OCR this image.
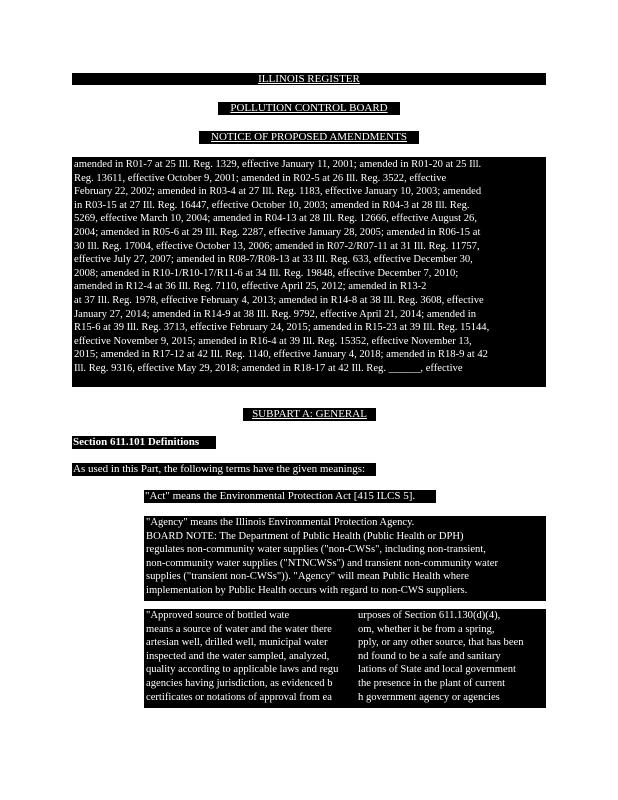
ILLINOIS REGISTER
POLLUTION CONTROL BOARD
NOTICE OF PROPOSED AMENDMENTS
amended in R01-7 at 25 Ill. Reg. 1329, effective January 11, 2001; amended in R01-20 at 25 Ill.
Reg. 13611, effective October 9, 2001; amended in R02-5 at 26 Ill. Reg. 3522, effective
February 22, 2002; amended in R03-4 at 27 Ill. Reg. 1183, effective January 10, 2003; amended
in R03-15 at 27 Ill. Reg. 16447, effective October 10, 2003; amended in R04-3 at 28 Ill. Reg.
5269, effective March 10, 2004; amended in R04-13 at 28 Ill. Reg. 12666, effective August 26,
2004; amended in R05-6 at 29 Ill. Reg. 2287, effective January 28, 2005; amended in R06-15 at
30 Ill. Reg. 17004, effective October 13, 2006; amended in R07-2/R07-11 at 31 Ill. Reg. 11757,
effective July 27, 2007; amended in R08-7/R08-13 at 33 Ill. Reg. 633, effective December 30,
2008; amended in R10-1/R10-17/R11-6 at 34 Ill. Reg. 19848, effective December 7, 2010;
amended in R12-4 at 36 Ill. Reg. 7110, effective April 25, 2012; amended in R13-2
at 37 Ill. Reg. 1978, effective February 4, 2013; amended in R14-8 at 38 Ill. Reg. 3608, effective
January 27, 2014; amended in R14-9 at 38 Ill. Reg. 9792, effective April 21, 2014; amended in
R15-6 at 39 Ill. Reg. 3713, effective February 24, 2015; amended in R15-23 at 39 Ill. Reg. 15144,
effective November 9, 2015; amended in R16-4 at 39 Ill. Reg. 15352, effective November 13,
2015; amended in R17-12 at 42 Ill. Reg. 1140, effective January 4, 2018; amended in R18-9 at 42
Ill. Reg. 9316, effective May 29, 2018; amended in R18-17 at 42 Ill. Reg. ______, effective
SUBPART A: GENERAL
Section 611.101 Definitions
As used in this Part, the following terms have the given meanings:
"Act" means the Environmental Protection Act [415 ILCS 5].
"Agency" means the Illinois Environmental Protection Agency.
BOARD NOTE: The Department of Public Health (Public Health or DPH)
regulates non-community water supplies ("non-CWSs", including non-transient,
non-community water supplies ("NTNCWSs") and transient non-community water
supplies ("transient non-CWSs")). "Agency" will mean Public Health where
implementation by Public Health occurs with regard to non-CWS suppliers.
"Approved source of bottled wate	urposes of Section 611.130(d)(4),
means a source of water and the water there	om, whether it be from a spring,
artesian well, drilled well, municipal water	pply, or any other source, that has been
inspected and the water sampled, analyzed,	nd found to be a safe and sanitary
quality according to applicable laws and regu	lations of State and local government
agencies having jurisdiction, as evidenced b	the presence in the plant of current
certificates or notations of approval from ea	h government agency or agencies
